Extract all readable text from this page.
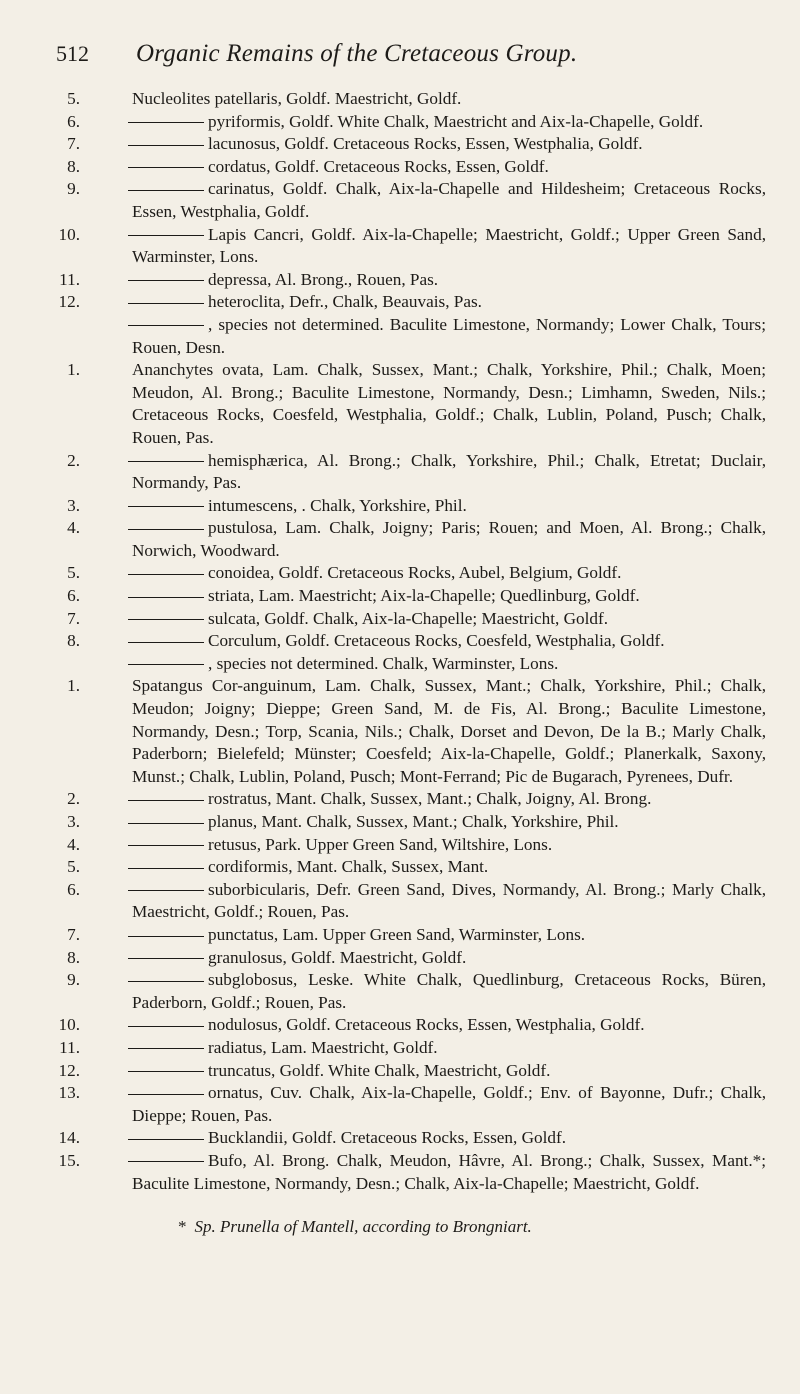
512	Organic Remains of the Cretaceous Group.
5.	Nucleolites patellaris, Goldf. Maestricht, Goldf.
6.	pyriformis, Goldf. White Chalk, Maestricht and Aix-la-Chapelle, Goldf.
7.	lacunosus, Goldf. Cretaceous Rocks, Essen, Westphalia, Goldf.
8.	cordatus, Goldf. Cretaceous Rocks, Essen, Goldf.
9.	carinatus, Goldf. Chalk, Aix-la-Chapelle and Hildesheim; Cretaceous Rocks, Essen, Westphalia, Goldf.
10.	Lapis Cancri, Goldf. Aix-la-Chapelle; Maestricht, Goldf.; Upper Green Sand, Warminster, Lons.
11.	depressa, Al. Brong., Rouen, Pas.
12.	heteroclita, Defr., Chalk, Beauvais, Pas.
, species not determined. Baculite Limestone, Normandy; Lower Chalk, Tours; Rouen, Desn.
1.	Ananchytes ovata, Lam. Chalk, Sussex, Mant.; Chalk, Yorkshire, Phil.; Chalk, Moen; Meudon, Al. Brong.; Baculite Limestone, Normandy, Desn.; Limhamn, Sweden, Nils.; Cretaceous Rocks, Coesfeld, Westphalia, Goldf.; Chalk, Lublin, Poland, Pusch; Chalk, Rouen, Pas.
2.	hemisphærica, Al. Brong.; Chalk, Yorkshire, Phil.; Chalk, Etretat; Duclair, Normandy, Pas.
3.	intumescens, . Chalk, Yorkshire, Phil.
4.	pustulosa, Lam. Chalk, Joigny; Paris; Rouen; and Moen, Al. Brong.; Chalk, Norwich, Woodward.
5.	conoidea, Goldf. Cretaceous Rocks, Aubel, Belgium, Goldf.
6.	striata, Lam. Maestricht; Aix-la-Chapelle; Quedlinburg, Goldf.
7.	sulcata, Goldf. Chalk, Aix-la-Chapelle; Maestricht, Goldf.
8.	Corculum, Goldf. Cretaceous Rocks, Coesfeld, Westphalia, Goldf.
, species not determined. Chalk, Warminster, Lons.
1.	Spatangus Cor-anguinum, Lam. Chalk, Sussex, Mant.; Chalk, Yorkshire, Phil.; Chalk, Meudon; Joigny; Dieppe; Green Sand, M. de Fis, Al. Brong.; Baculite Limestone, Normandy, Desn.; Torp, Scania, Nils.; Chalk, Dorset and Devon, De la B.; Marly Chalk, Paderborn; Bielefeld; Münster; Coesfeld; Aix-la-Chapelle, Goldf.; Planerkalk, Saxony, Munst.; Chalk, Lublin, Poland, Pusch; Mont-Ferrand; Pic de Bugarach, Pyrenees, Dufr.
2.	rostratus, Mant. Chalk, Sussex, Mant.; Chalk, Joigny, Al. Brong.
3.	planus, Mant. Chalk, Sussex, Mant.; Chalk, Yorkshire, Phil.
4.	retusus, Park. Upper Green Sand, Wiltshire, Lons.
5.	cordiformis, Mant. Chalk, Sussex, Mant.
6.	suborbicularis, Defr. Green Sand, Dives, Normandy, Al. Brong.; Marly Chalk, Maestricht, Goldf.; Rouen, Pas.
7.	punctatus, Lam. Upper Green Sand, Warminster, Lons.
8.	granulosus, Goldf. Maestricht, Goldf.
9.	subglobosus, Leske. White Chalk, Quedlinburg, Cretaceous Rocks, Büren, Paderborn, Goldf.; Rouen, Pas.
10.	nodulosus, Goldf. Cretaceous Rocks, Essen, Westphalia, Goldf.
11.	radiatus, Lam. Maestricht, Goldf.
12.	truncatus, Goldf. White Chalk, Maestricht, Goldf.
13.	ornatus, Cuv. Chalk, Aix-la-Chapelle, Goldf.; Env. of Bayonne, Dufr.; Chalk, Dieppe; Rouen, Pas.
14.	Bucklandii, Goldf. Cretaceous Rocks, Essen, Goldf.
15.	Bufo, Al. Brong. Chalk, Meudon, Hâvre, Al. Brong.; Chalk, Sussex, Mant.*; Baculite Limestone, Normandy, Desn.; Chalk, Aix-la-Chapelle; Maestricht, Goldf.
* Sp. Prunella of Mantell, according to Brongniart.
